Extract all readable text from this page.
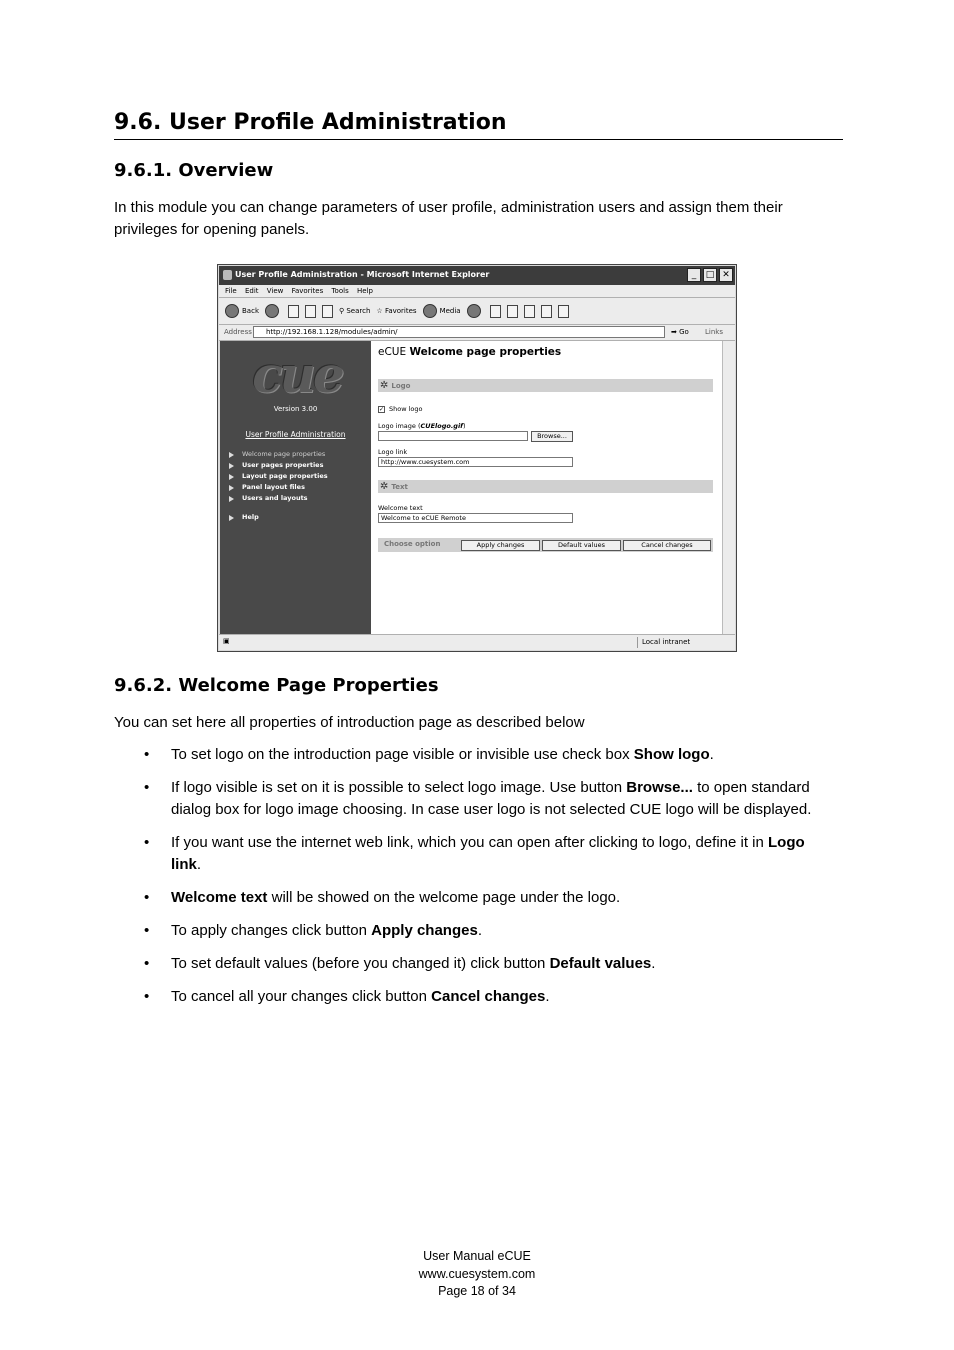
9.6. User Profile Administration
9.6.1. Overview

In this module you can change parameters of user profile, administration users and assign them their privileges for opening panels.

User Profile Administration - Microsoft Internet Explorer	_	□ ✕
File Edit View Favorites Tools Help
Back	⚲ Search ☆ Favorites	Media
Address	http://192.168.1.128/modules/admin/	➡ Go Links
cue
Version 3.00
User Profile Administration
Welcome page properties
User pages properties
Layout page properties
Panel layout files
Users and layouts
Help
eCUE Welcome page properties
✲ Logo
✓ Show logo
Logo image (CUElogo.gif)
Browse...
Logo link
http://www.cuesystem.com
✲ Text
Welcome text
Welcome to eCUE Remote
Choose option	Apply changes	Default values	Cancel changes
▣	Local intranet
9.6.2. Welcome Page Properties

You can set here all properties of introduction page as described below

• To set logo on the introduction page visible or invisible use check box Show logo.
• If logo visible is set on it is possible to select logo image. Use button Browse... to open standard dialog box for logo image choosing. In case user logo is not selected CUE logo will be displayed.
• If you want use the internet web link, which you can open after clicking to logo, define it in Logo link.
• Welcome text will be showed on the welcome page under the logo.
• To apply changes click button Apply changes.
• To set default values (before you changed it) click button Default values.
• To cancel all your changes click button Cancel changes.
User Manual eCUE
www.cuesystem.com
Page 18 of 34
